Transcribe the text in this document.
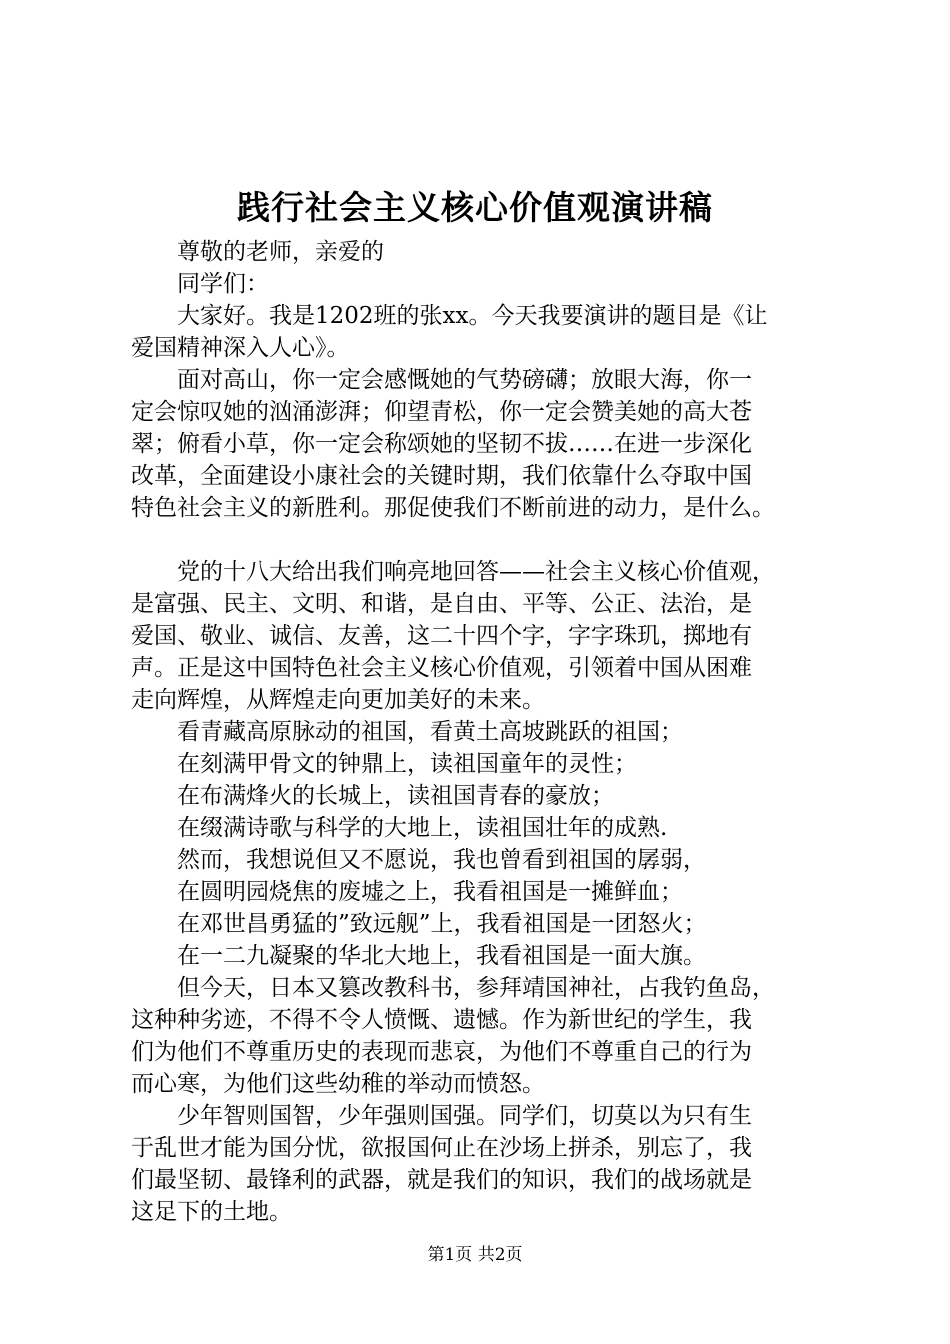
践行社会主义核心价值观演讲稿
尊敬的老师，亲爱的
同学们：
大家好。我是1202班的张xx。今天我要演讲的题目是《让
爱国精神深入人心》。
面对高山，你一定会感慨她的气势磅礴；放眼大海，你一
定会惊叹她的汹涌澎湃；仰望青松，你一定会赞美她的高大苍
翠；俯看小草，你一定会称颂她的坚韧不拔……在进一步深化
改革，全面建设小康社会的关键时期，我们依靠什么夺取中国
特色社会主义的新胜利。那促使我们不断前进的动力，是什么。
党的十八大给出我们响亮地回答——社会主义核心价值观，
是富强、民主、文明、和谐，是自由、平等、公正、法治，是
爱国、敬业、诚信、友善，这二十四个字，字字珠玑，掷地有
声。正是这中国特色社会主义核心价值观，引领着中国从困难
走向辉煌，从辉煌走向更加美好的未来。
看青藏高原脉动的祖国，看黄土高坡跳跃的祖国；
在刻满甲骨文的钟鼎上，读祖国童年的灵性；
在布满烽火的长城上，读祖国青春的豪放；
在缀满诗歌与科学的大地上，读祖国壮年的成熟.
然而，我想说但又不愿说，我也曾看到祖国的孱弱，
在圆明园烧焦的废墟之上，我看祖国是一摊鲜血；
在邓世昌勇猛的”致远舰”上，我看祖国是一团怒火；
在一二九凝聚的华北大地上，我看祖国是一面大旗。
但今天，日本又篡改教科书，参拜靖国神社，占我钓鱼岛，
这种种劣迹，不得不令人愤慨、遗憾。作为新世纪的学生，我
们为他们不尊重历史的表现而悲哀，为他们不尊重自己的行为
而心寒，为他们这些幼稚的举动而愤怒。
少年智则国智，少年强则国强。同学们，切莫以为只有生
于乱世才能为国分忧，欲报国何止在沙场上拼杀，别忘了，我
们最坚韧、最锋利的武器，就是我们的知识，我们的战场就是
这足下的土地。
第1页 共2页
